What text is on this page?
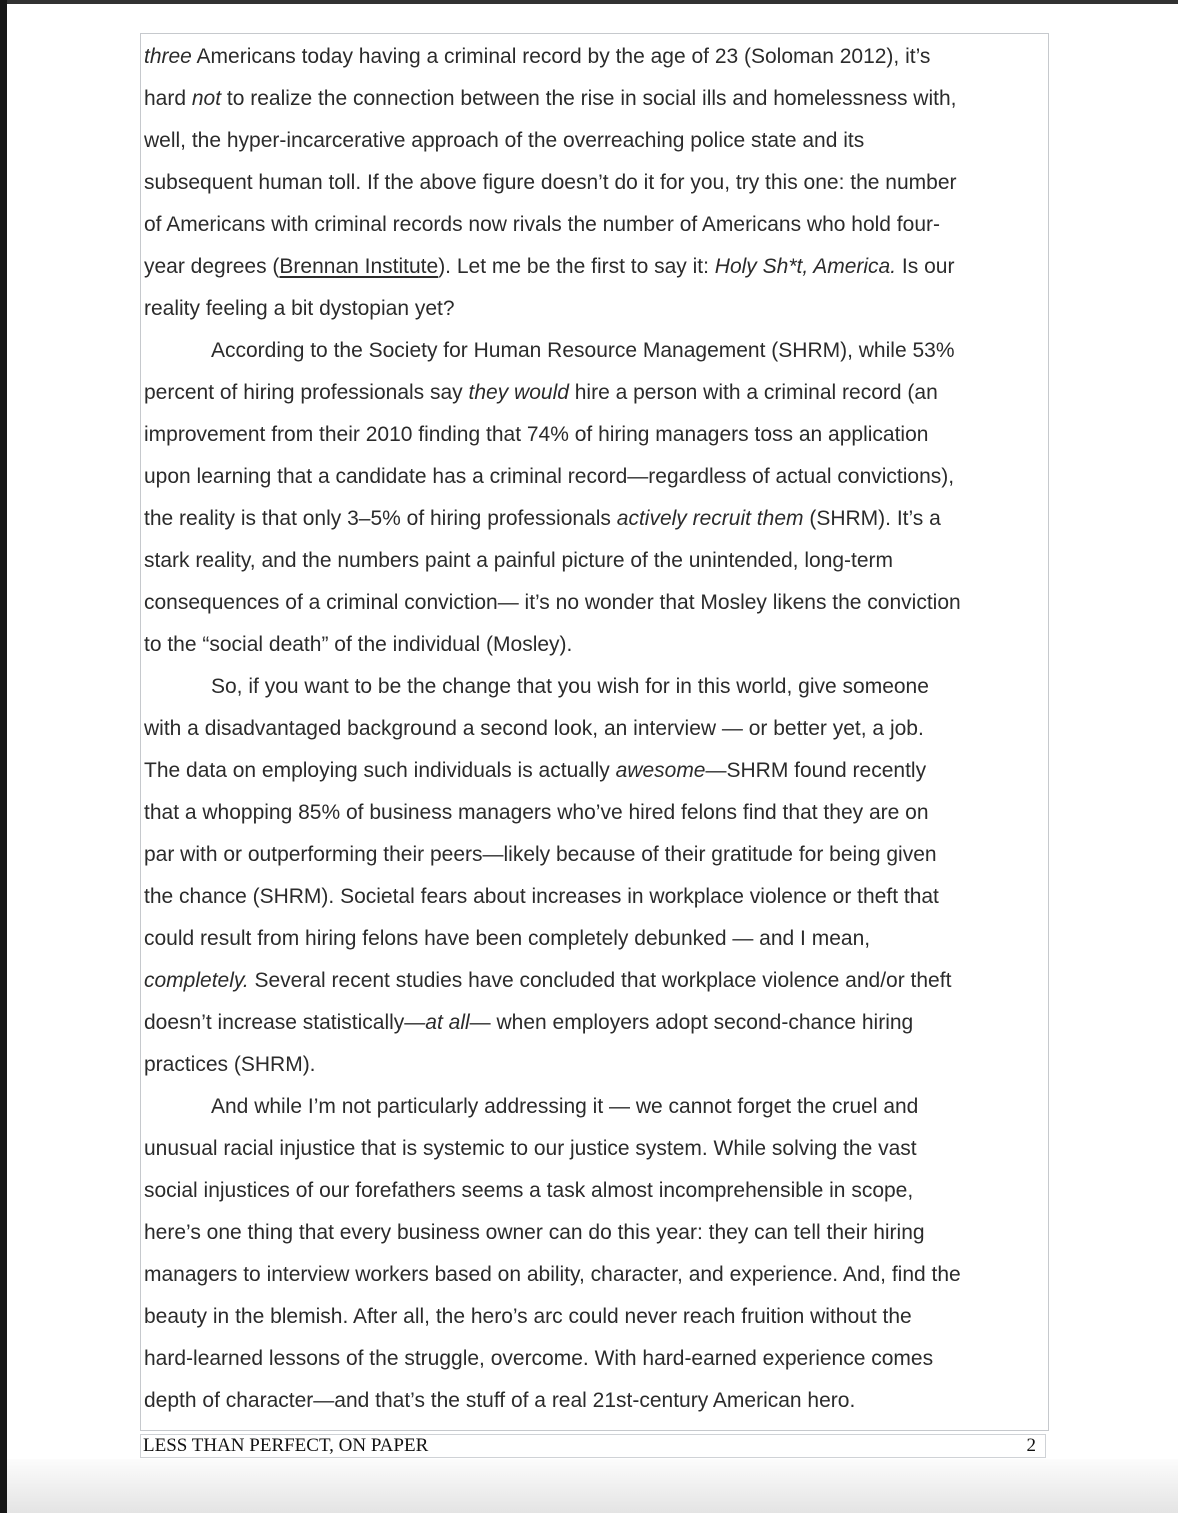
three Americans today having a criminal record by the age of 23 (Soloman 2012), it’s
hard not to realize the connection between the rise in social ills and homelessness with,
well, the hyper-incarcerative approach of the overreaching police state and its
subsequent human toll. If the above figure doesn’t do it for you, try this one: the number
of Americans with criminal records now rivals the number of Americans who hold four-
year degrees (Brennan Institute). Let me be the first to say it: Holy Sh*t, America. Is our
reality feeling a bit dystopian yet?
According to the Society for Human Resource Management (SHRM), while 53%
percent of hiring professionals say they would hire a person with a criminal record (an
improvement from their 2010 finding that 74% of hiring managers toss an application
upon learning that a candidate has a criminal record—regardless of actual convictions),
the reality is that only 3–5% of hiring professionals actively recruit them (SHRM). It’s a
stark reality, and the numbers paint a painful picture of the unintended, long-term
consequences of a criminal conviction— it’s no wonder that Mosley likens the conviction
to the “social death” of the individual (Mosley).
So, if you want to be the change that you wish for in this world, give someone
with a disadvantaged background a second look, an interview — or better yet, a job.
The data on employing such individuals is actually awesome—SHRM found recently
that a whopping 85% of business managers who’ve hired felons find that they are on
par with or outperforming their peers—likely because of their gratitude for being given
the chance (SHRM). Societal fears about increases in workplace violence or theft that
could result from hiring felons have been completely debunked — and I mean,
completely. Several recent studies have concluded that workplace violence and/or theft
doesn’t increase statistically—at all— when employers adopt second-chance hiring
practices (SHRM).
And while I’m not particularly addressing it — we cannot forget the cruel and
unusual racial injustice that is systemic to our justice system. While solving the vast
social injustices of our forefathers seems a task almost incomprehensible in scope,
here’s one thing that every business owner can do this year: they can tell their hiring
managers to interview workers based on ability, character, and experience. And, find the
beauty in the blemish. After all, the hero’s arc could never reach fruition without the
hard-learned lessons of the struggle, overcome. With hard-earned experience comes
depth of character—and that’s the stuff of a real 21st-century American hero.
LESS THAN PERFECT, ON PAPER	2
